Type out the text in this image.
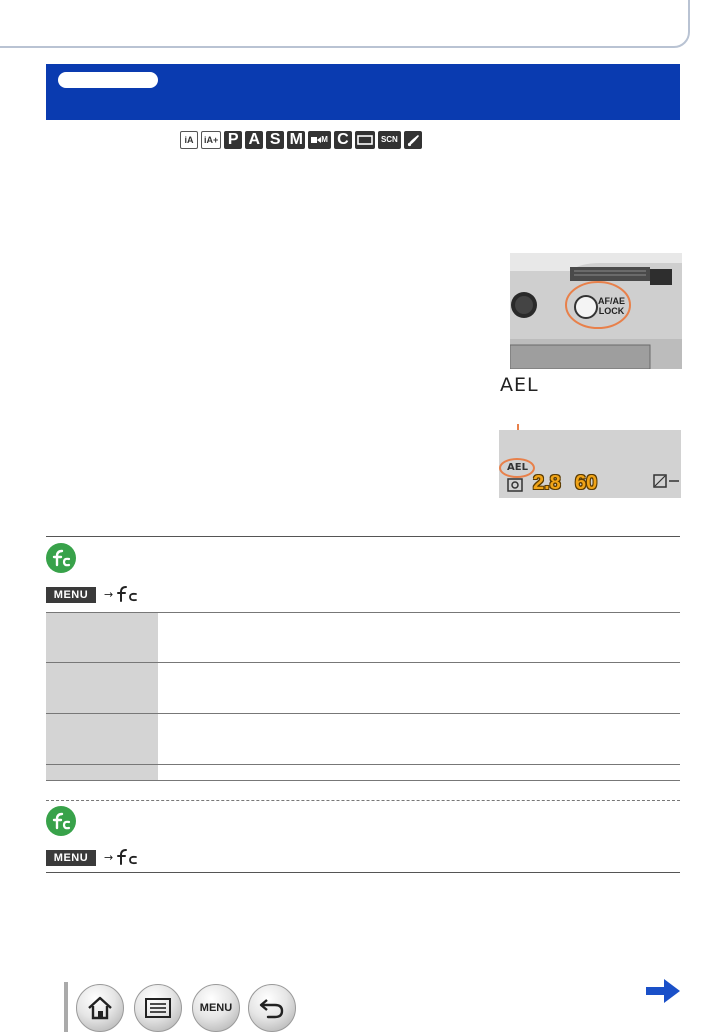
iA	iA+ P A S M M C	SCN
AF/AE
LOCK
AEL
AEL
2.8 60
MENU	→

MENU	→
MENU
